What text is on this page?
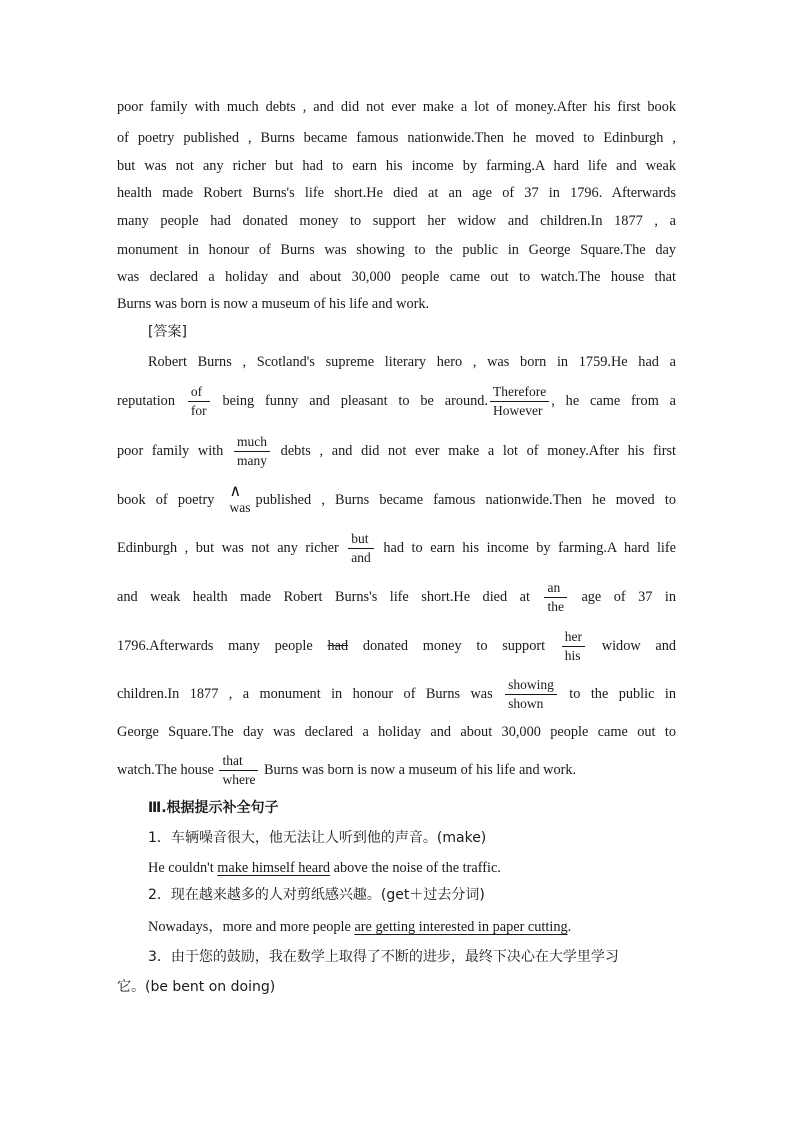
poor family with much debts , and did not ever make a lot of money.After his first book
of poetry published , Burns became famous nationwide.Then he moved to Edinburgh ,
but was not any richer but had to earn his income by farming.A hard life and weak
health made Robert Burns's life short.He died at an age of 37 in 1796. Afterwards
many people had donated money to support her widow and children.In 1877 , a
monument in honour of Burns was showing to the public in George Square.The day
was declared a holiday and about 30,000 people came out to watch.The house that
Burns was born is now a museum of his life and work.
[答案]
Robert Burns , Scotland's supreme literary hero , was born in 1759.He had a
reputation $\frac{of}{\text{for}}$ being funny and pleasant to be around. $\frac{\text{Therefore}}{\text{However}}$ , he came from a
poor family with $\frac{\text{much}}{\text{many}}$ debts , and did not ever make a lot of money.After his first
book of poetry
∧
was published , Burns became famous nationwide.Then he moved to
Edinburgh , but was not any richer $\frac{\text{but}}{\text{and}}$ had to earn his income by farming.A hard life
and weak health made Robert Burns's life short.He died at $\frac{an}{\text{the}}$ age of 37 in
1796.Afterwards many people had donated money to support $\frac{\text{her}}{\text{his}}$ widow and
children.In 1877 , a monument in honour of Burns was $\frac{\text{showing}}{\text{shown}}$ to the public in
George Square.The day was declared a holiday and about 30,000 people came out to
watch.The house $\frac{\text{that}}{\text{where}}$ Burns was born is now a museum of his life and work.
Ⅲ.根据提示补全句子
1．车辆噪音很大，他无法让人听到他的声音。(make)
He couldn't make himself heard above the noise of the traffic.
2．现在越来越多的人对剪纸感兴趣。(get＋过去分词)
Nowadays，more and more people are getting interested in paper cutting.
3．由于您的鼓励，我在数学上取得了不断的进步，最终下决心在大学里学习
它。(be bent on doing)
